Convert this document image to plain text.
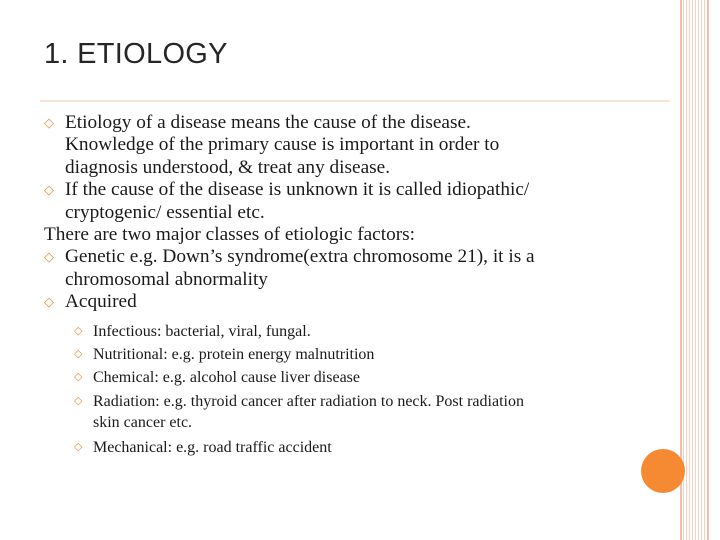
1. ETIOLOGY
◇ Etiology of a disease means the cause of the disease.
Knowledge of the primary cause is important in order to
diagnosis understood, & treat any disease.
◇ If the cause of the disease is unknown it is called idiopathic/
cryptogenic/ essential etc.
There are two major classes of etiologic factors:
◇ Genetic e.g. Down’s syndrome(extra chromosome 21), it is a
chromosomal abnormality
◇ Acquired
◇ Infectious: bacterial, viral, fungal.
◇ Nutritional: e.g. protein energy malnutrition
◇ Chemical: e.g. alcohol cause liver disease
◇ Radiation: e.g. thyroid cancer after radiation to neck. Post radiation
skin cancer etc.
◇ Mechanical: e.g. road traffic accident
